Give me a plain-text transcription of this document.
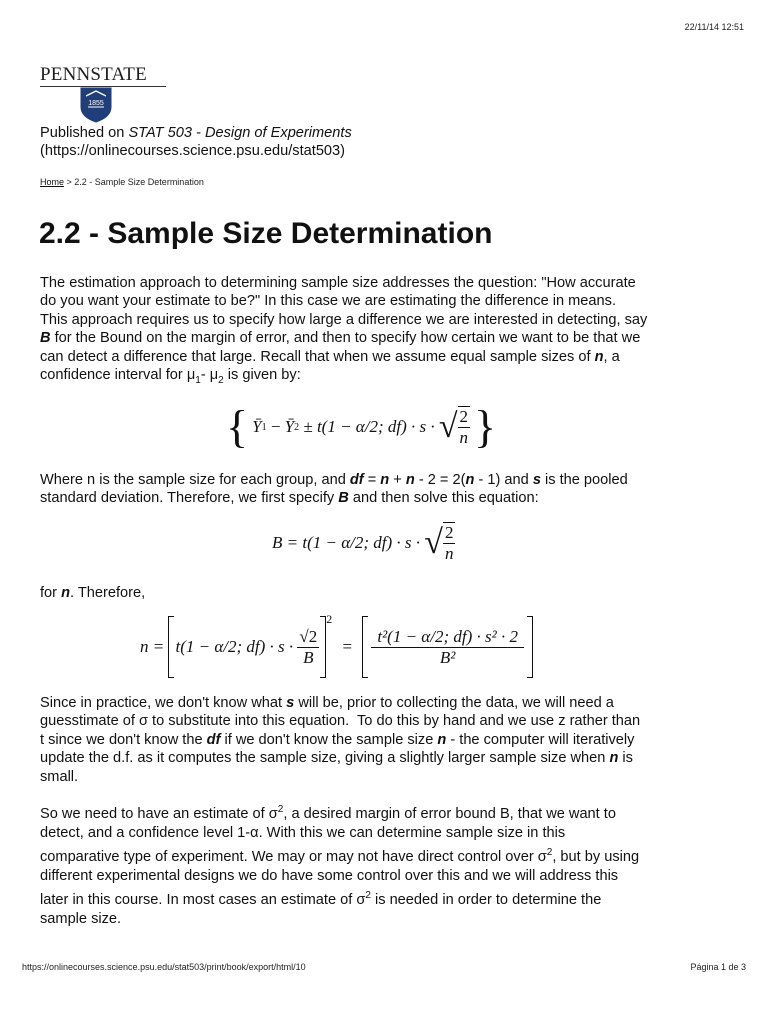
22/11/14 12:51
PENNSTATE
1855
Published on STAT 503 - Design of Experiments
(https://onlinecourses.science.psu.edu/stat503)
Home > 2.2 - Sample Size Determination
2.2 - Sample Size Determination
The estimation approach to determining sample size addresses the question: "How accurate
do you want your estimate to be?" In this case we are estimating the difference in means.
This approach requires us to specify how large a difference we are interested in detecting, say
B for the Bound on the margin of error, and then to specify how certain we want to be that we
can detect a difference that large. Recall that when we assume equal sample sizes of n, a
confidence interval for $\mu_1-$ $\mu_2$ is given by:
{ Ȳ 1 − Ȳ 2 ± t(1 − α/2; df) · s · √ $\frac{2}{n}$ }
Where n is the sample size for each group, and df = n + n - 2 = 2(n - 1) and s is the pooled
standard deviation. Therefore, we first specify B and then solve this equation:
B = t(1 − α/2; df) · s · √ $\frac{2}{n}$
for n. Therefore,
n = t(1 − α/2; $df) \cdot s \cdot \frac{√2}{B}$
$^2$
= $\frac{\text{t²(1 − α/2; df) · s² · 2}}{\text{B²}}$
Since in practice, we don't know what s will be, prior to collecting the data, we will need a
guesstimate of σ to substitute into this equation.  To do this by hand and we use z rather than
t since we don't know the df if we don't know the sample size n - the computer will iteratively
update the d.f. as it computes the sample size, giving a slightly larger sample size when n is
small.
So we need to have an estimate of $\sigma^2$, a desired margin of error bound B, that we want to
detect, and a confidence level 1-α. With this we can determine sample size in this
comparative type of experiment. We may or may not have direct control over $\sigma^2$, but by using
different experimental designs we do have some control over this and we will address this
later in this course. In most cases an estimate of $\sigma^2$ is needed in order to determine the
sample size.
https://onlinecourses.science.psu.edu/stat503/print/book/export/html/10	Página 1 de 3
